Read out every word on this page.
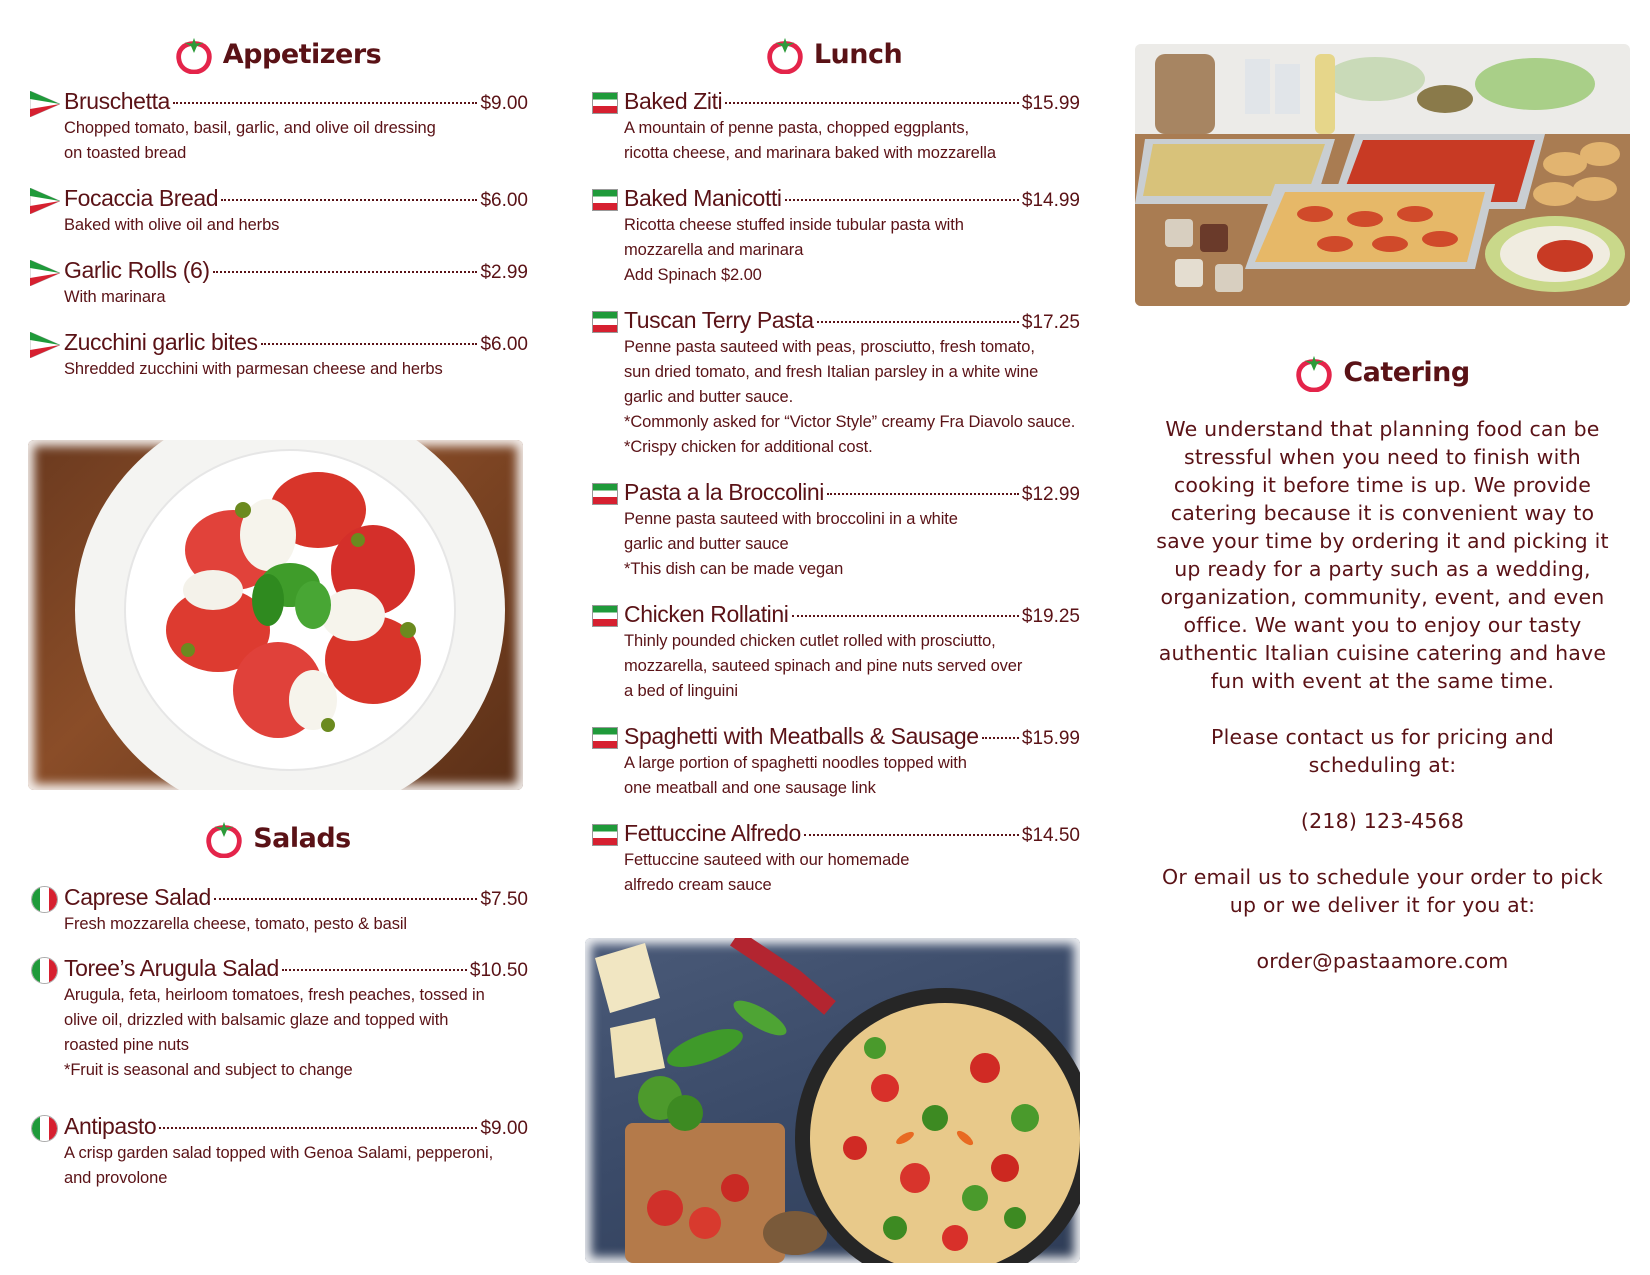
Appetizers
Bruschetta	$9.00
Chopped tomato, basil, garlic, and olive oil dressing
on toasted bread
Focaccia Bread	$6.00
Baked with olive oil and herbs
Garlic Rolls (6)	$2.99
With marinara
Zucchini garlic bites	$6.00
Shredded zucchini with parmesan cheese and herbs
Salads
Caprese Salad	$7.50
Fresh mozzarella cheese, tomato, pesto & basil
Toree’s Arugula Salad	$10.50
Arugula, feta, heirloom tomatoes, fresh peaches, tossed in
olive oil, drizzled with balsamic glaze and topped with
roasted pine nuts
*Fruit is seasonal and subject to change
Antipasto	$9.00
A crisp garden salad topped with Genoa Salami, pepperoni,
and provolone
Lunch
Baked Ziti	$15.99
A mountain of penne pasta, chopped eggplants,
ricotta cheese, and marinara baked with mozzarella
Baked Manicotti	$14.99
Ricotta cheese stuffed inside tubular pasta with
mozzarella and marinara
Add Spinach $2.00
Tuscan Terry Pasta	$17.25
Penne pasta sauteed with peas, prosciutto, fresh tomato,
sun dried tomato, and fresh Italian parsley in a white wine
garlic and butter sauce.
*Commonly asked for “Victor Style” creamy Fra Diavolo sauce.
*Crispy chicken for additional cost.
Pasta a la Broccolini	$12.99
Penne pasta sauteed with broccolini in a white
garlic and butter sauce
*This dish can be made vegan
Chicken Rollatini	$19.25
Thinly pounded chicken cutlet rolled with prosciutto,
mozzarella, sauteed spinach and pine nuts served over
a bed of linguini
Spaghetti with Meatballs & Sausage $15.99
A large portion of spaghetti noodles topped with
one meatball and one sausage link
Fettuccine Alfredo	$14.50
Fettuccine sauteed with our homemade
alfredo cream sauce
Catering

We understand that planning food can be stressful when you need to finish with cooking it before time is up. We provide catering because it is convenient way to save your time by ordering it and picking it up ready for a party such as a wedding, organization, community, event, and even office. We want you to enjoy our tasty authentic Italian cuisine catering and have fun with event at the same time.

Please contact us for pricing and scheduling at:

(218) 123-4568

Or email us to schedule your order to pick up or we deliver it for you at:

order@pastaamore.com
